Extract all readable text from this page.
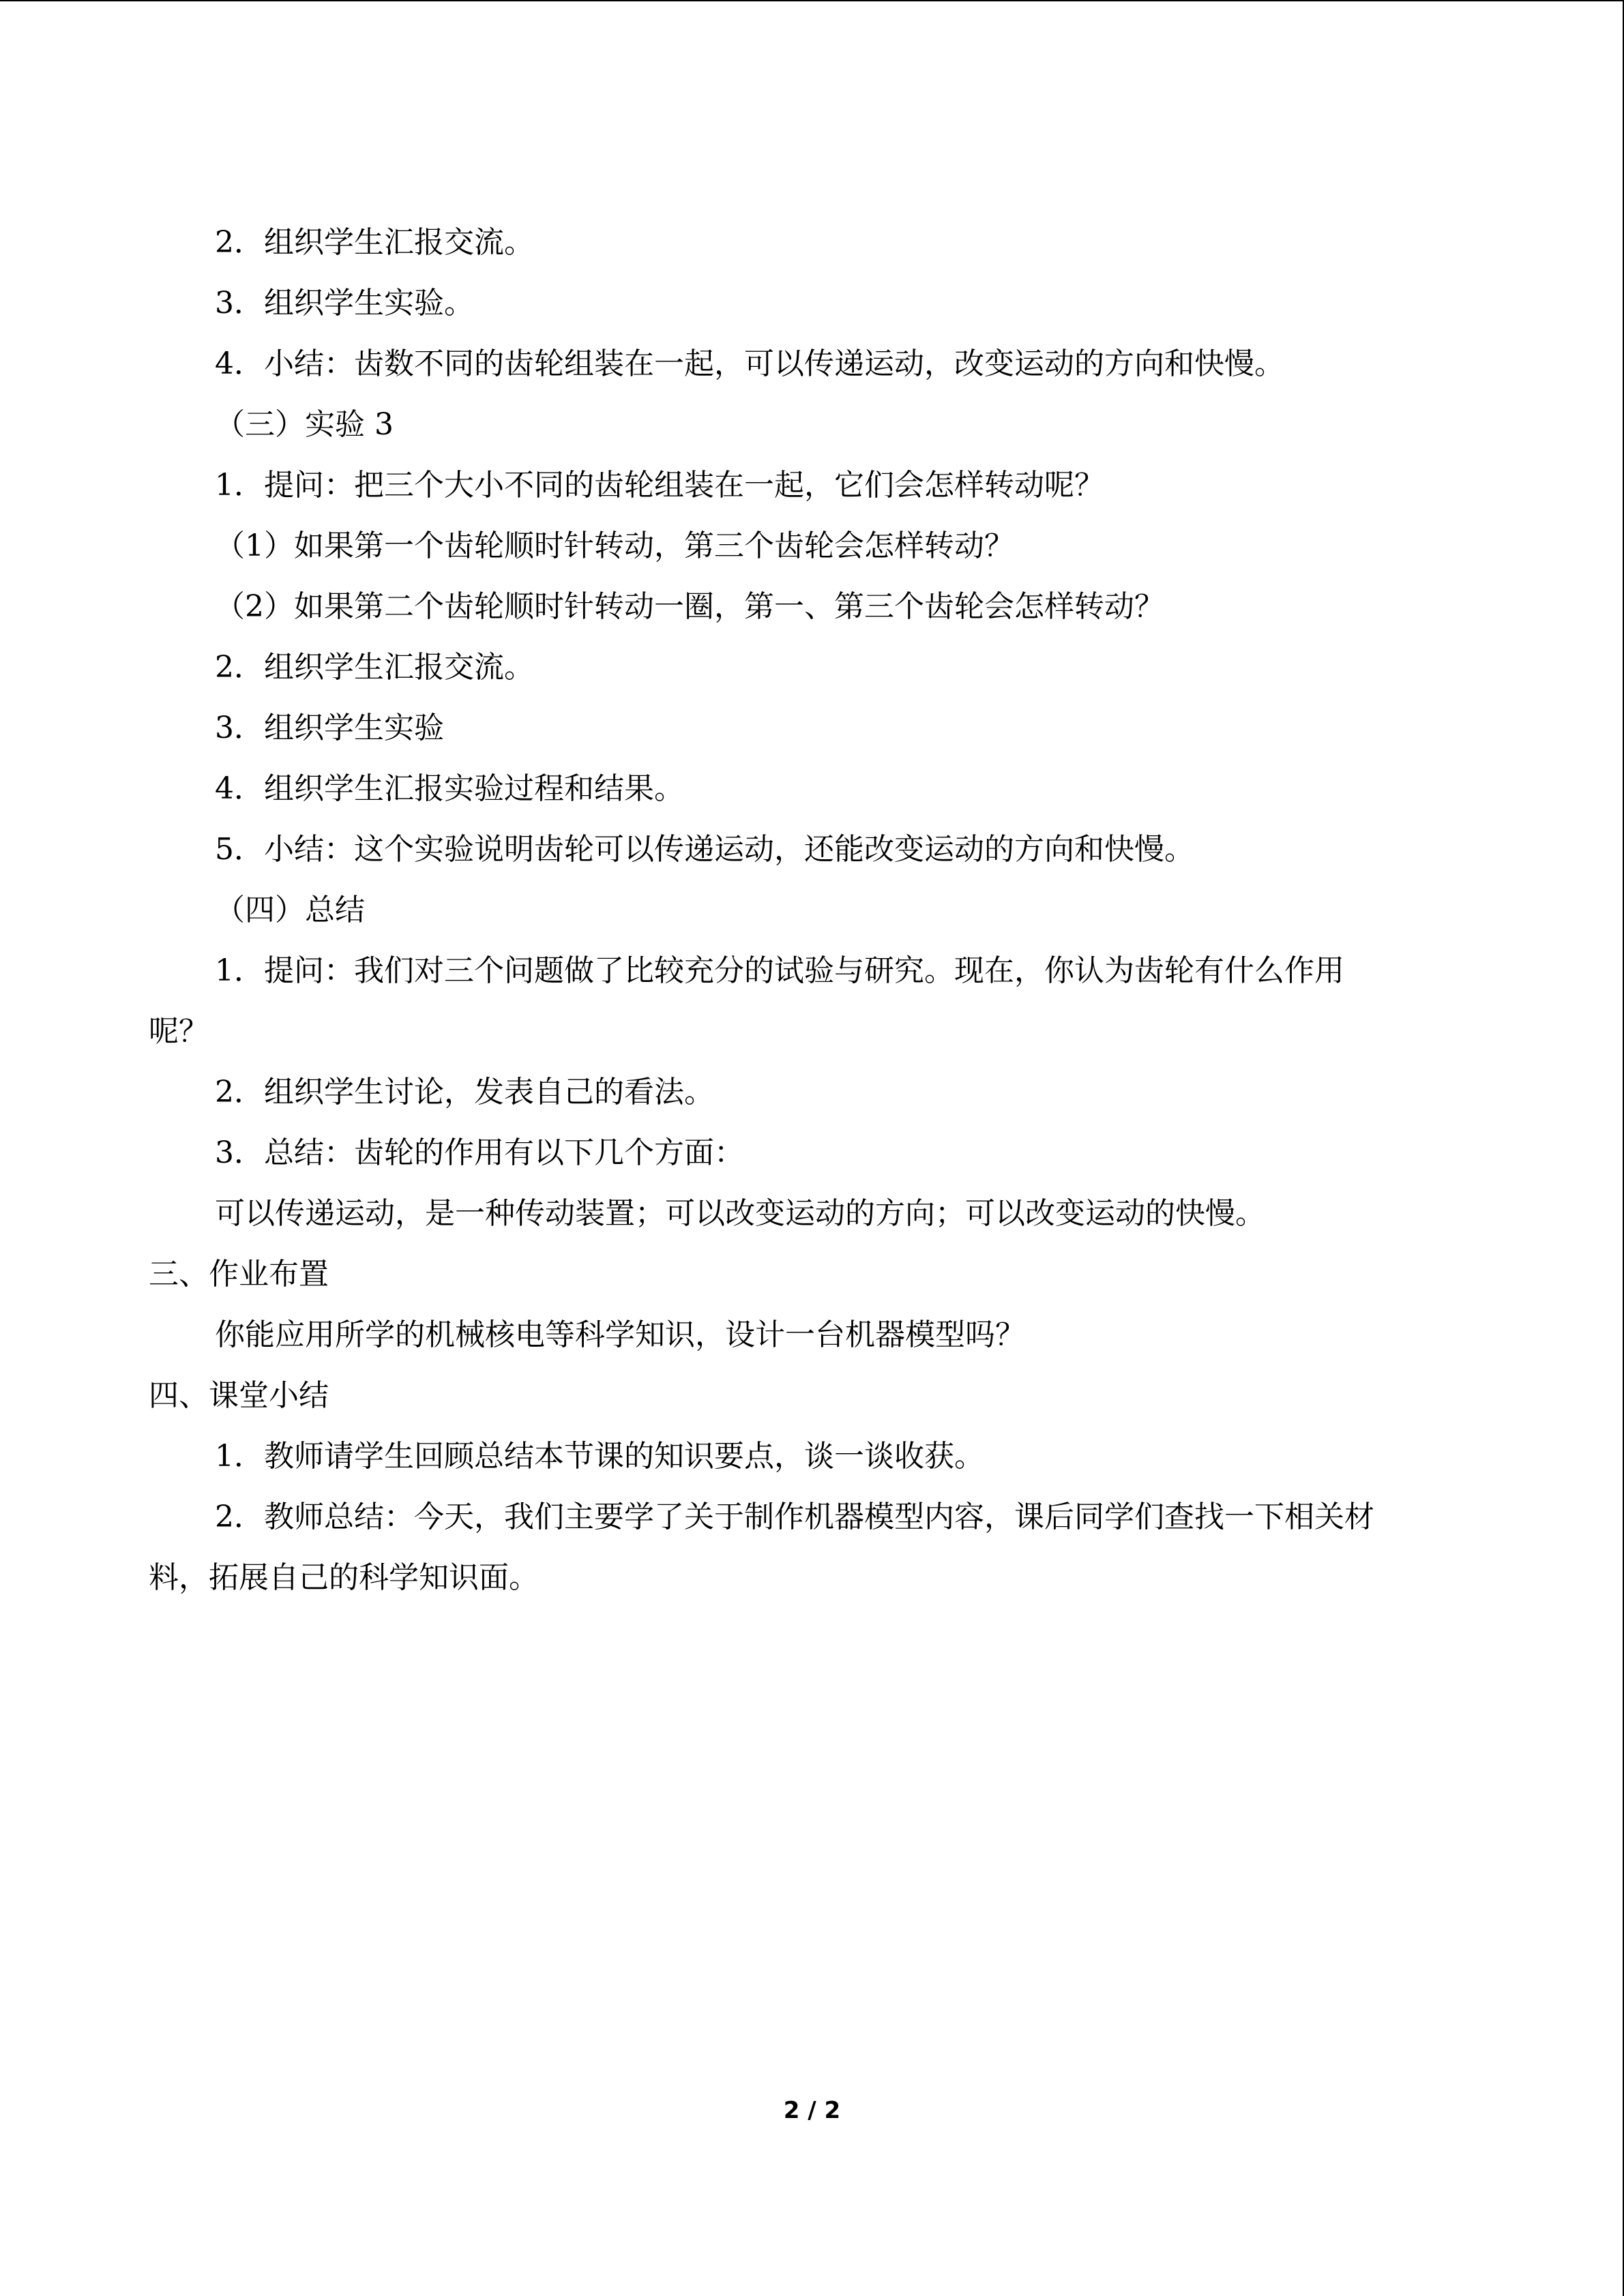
2．组织学生汇报交流。
3．组织学生实验。
4．小结：齿数不同的齿轮组装在一起，可以传递运动，改变运动的方向和快慢。
（三）实验 3
1．提问：把三个大小不同的齿轮组装在一起，它们会怎样转动呢？
（1）如果第一个齿轮顺时针转动，第三个齿轮会怎样转动？
（2）如果第二个齿轮顺时针转动一圈，第一、第三个齿轮会怎样转动？
2．组织学生汇报交流。
3．组织学生实验
4．组织学生汇报实验过程和结果。
5．小结：这个实验说明齿轮可以传递运动，还能改变运动的方向和快慢。
（四）总结
1．提问：我们对三个问题做了比较充分的试验与研究。现在，你认为齿轮有什么作用
呢？
2．组织学生讨论，发表自己的看法。
3．总结：齿轮的作用有以下几个方面：
可以传递运动，是一种传动装置；可以改变运动的方向；可以改变运动的快慢。
三、作业布置
你能应用所学的机械核电等科学知识，设计一台机器模型吗？
四、课堂小结
1．教师请学生回顾总结本节课的知识要点，谈一谈收获。
2．教师总结：今天，我们主要学了关于制作机器模型内容，课后同学们查找一下相关材
料，拓展自己的科学知识面。
2 / 2
